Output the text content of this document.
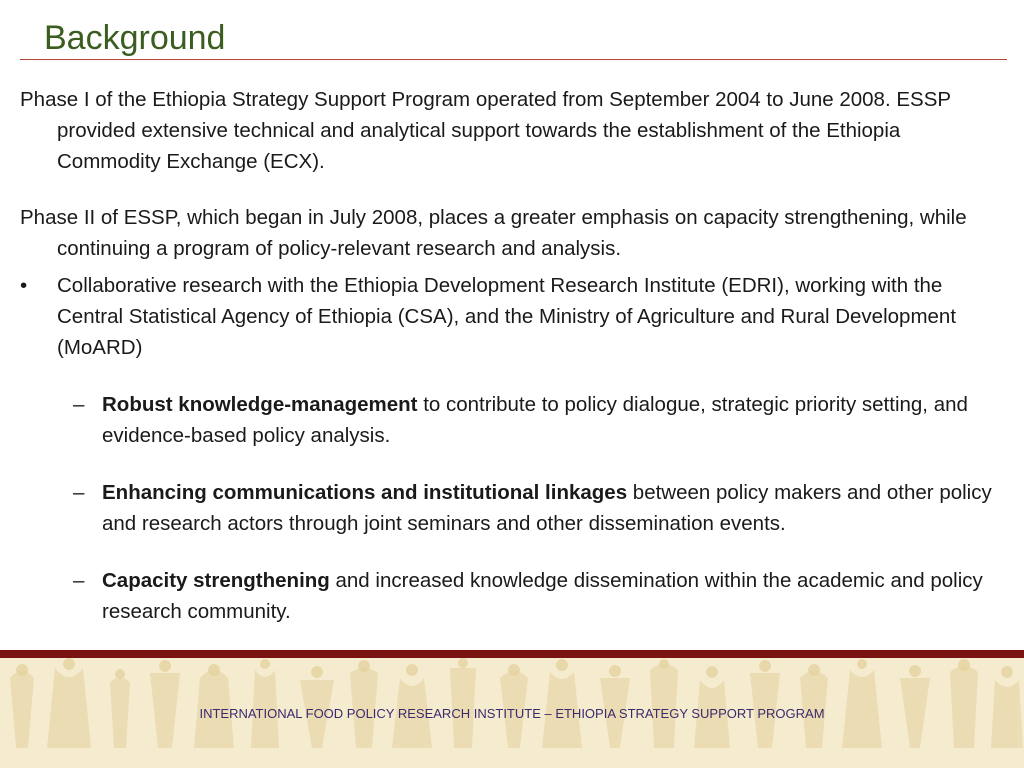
Background

Phase I of the Ethiopia Strategy Support Program operated from September 2004 to June 2008. ESSP provided extensive technical and analytical support towards the establishment of the Ethiopia Commodity Exchange (ECX).

Phase II of ESSP, which began in July 2008, places a greater emphasis on capacity strengthening, while continuing a program of policy-relevant research and analysis.

•	Collaborative research with the Ethiopia Development Research Institute (EDRI), working with the Central Statistical Agency of Ethiopia (CSA), and the Ministry of Agriculture and Rural Development (MoARD)
– Robust knowledge-management to contribute to policy dialogue, strategic priority setting, and evidence-based policy analysis.
– Enhancing communications and institutional linkages between policy makers and other policy and research actors through joint seminars and other dissemination events.
– Capacity strengthening and increased knowledge dissemination within the academic and policy research community.
INTERNATIONAL FOOD POLICY RESEARCH INSTITUTE – ETHIOPIA STRATEGY SUPPORT PROGRAM
